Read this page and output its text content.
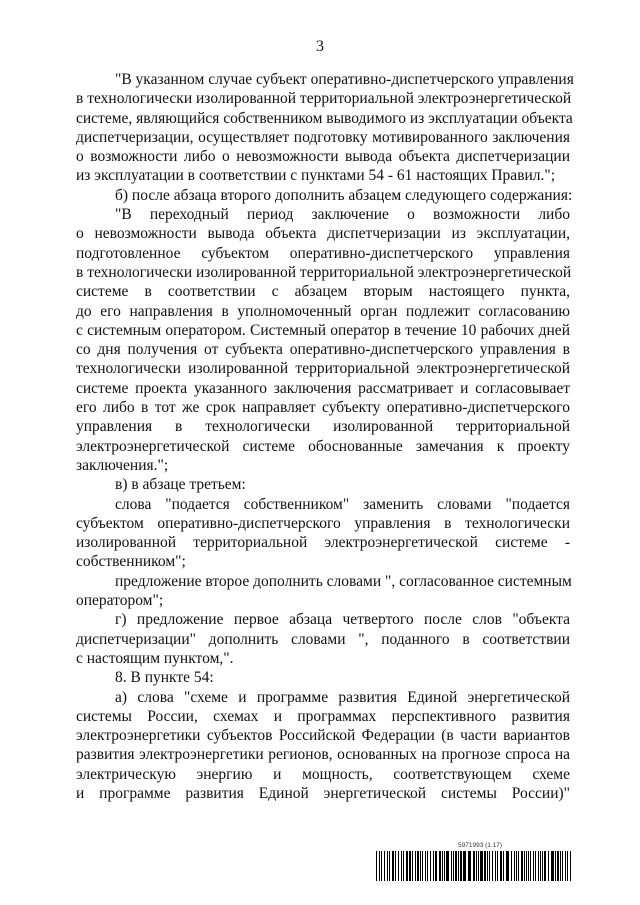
3
"В указанном случае субъект оперативно-диспетчерского управления
в технологически изолированной территориальной электроэнергетической
системе, являющийся собственником выводимого из эксплуатации объекта
диспетчеризации, осуществляет подготовку мотивированного заключения
о возможности либо о невозможности вывода объекта диспетчеризации
из эксплуатации в соответствии с пунктами 54 - 61 настоящих Правил.";
б) после абзаца второго дополнить абзацем следующего содержания:
"В переходный период заключение о возможности либо
о невозможности вывода объекта диспетчеризации из эксплуатации,
подготовленное субъектом оперативно-диспетчерского управления
в технологически изолированной территориальной электроэнергетической
системе в соответствии с абзацем вторым настоящего пункта,
до его направления в уполномоченный орган подлежит согласованию
с системным оператором. Системный оператор в течение 10 рабочих дней
со дня получения от субъекта оперативно-диспетчерского управления в
технологически изолированной территориальной электроэнергетической
системе проекта указанного заключения рассматривает и согласовывает
его либо в тот же срок направляет субъекту оперативно-диспетчерского
управления в технологически изолированной территориальной
электроэнергетической системе обоснованные замечания к проекту
заключения.";
в) в абзаце третьем:
слова "подается собственником" заменить словами "подается
субъектом оперативно-диспетчерского управления в технологически
изолированной территориальной электроэнергетической системе -
собственником";
предложение второе дополнить словами ", согласованное системным
оператором";
г) предложение первое абзаца четвертого после слов "объекта
диспетчеризации" дополнить словами ", поданного в соответствии
с настоящим пунктом,".
8. В пункте 54:
а) слова "схеме и программе развития Единой энергетической
системы России, схемах и программах перспективного развития
электроэнергетики субъектов Российской Федерации (в части вариантов
развития электроэнергетики регионов, основанных на прогнозе спроса на
электрическую энергию и мощность, соответствующем схеме
и программе развития Единой энергетической системы России)"
5971993 (1.17)
